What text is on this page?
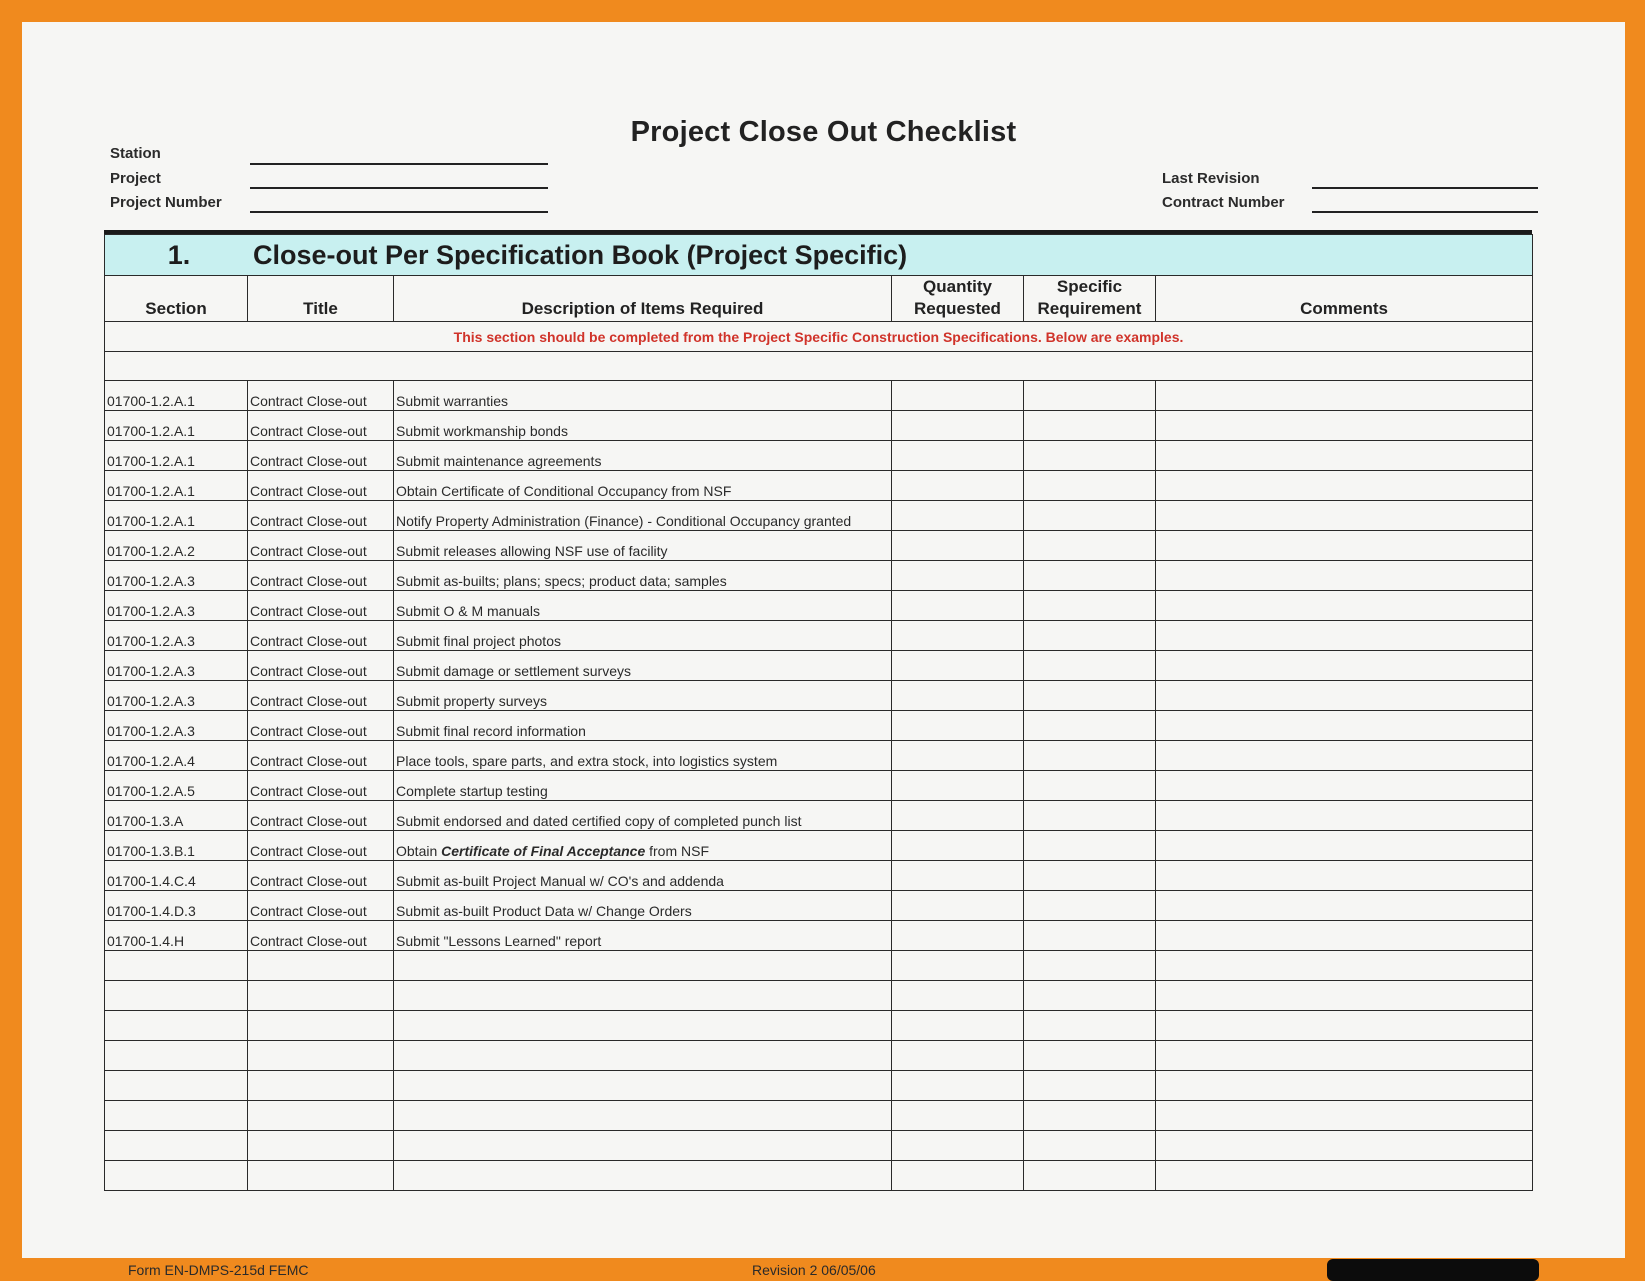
Project Close Out Checklist
Station
Project
Project Number
Last Revision
Contract Number
1. Close-out Per Specification Book (Project Specific)					
Section	Title	Description of Items Required	Quantity Requested	Specific Requirement	Comments
This section should be completed from the Project Specific Construction Specifications. Below are examples.					

01700-1.2.A.1	Contract Close-out	Submit warranties			
01700-1.2.A.1	Contract Close-out	Submit workmanship bonds			
01700-1.2.A.1	Contract Close-out	Submit maintenance agreements			
01700-1.2.A.1	Contract Close-out	Obtain Certificate of Conditional Occupancy from NSF			
01700-1.2.A.1	Contract Close-out	Notify Property Administration (Finance) - Conditional Occupancy granted			
01700-1.2.A.2	Contract Close-out	Submit releases allowing NSF use of facility			
01700-1.2.A.3	Contract Close-out	Submit as-builts; plans; specs; product data; samples			
01700-1.2.A.3	Contract Close-out	Submit O & M manuals			
01700-1.2.A.3	Contract Close-out	Submit final project photos			
01700-1.2.A.3	Contract Close-out	Submit damage or settlement surveys			
01700-1.2.A.3	Contract Close-out	Submit property surveys			
01700-1.2.A.3	Contract Close-out	Submit final record information			
01700-1.2.A.4	Contract Close-out	Place tools, spare parts, and extra stock, into logistics system			
01700-1.2.A.5	Contract Close-out	Complete startup testing			
01700-1.3.A	Contract Close-out	Submit endorsed and dated certified copy of completed punch list			
01700-1.3.B.1	Contract Close-out	Obtain Certificate of Final Acceptance from NSF			
01700-1.4.C.4	Contract Close-out	Submit as-built Project Manual w/ CO's and addenda			
01700-1.4.D.3	Contract Close-out	Submit as-built Product Data w/ Change Orders			
01700-1.4.H	Contract Close-out	Submit "Lessons Learned" report			

Form EN-DMPS-215d FEMC	Revision 2 06/05/06
